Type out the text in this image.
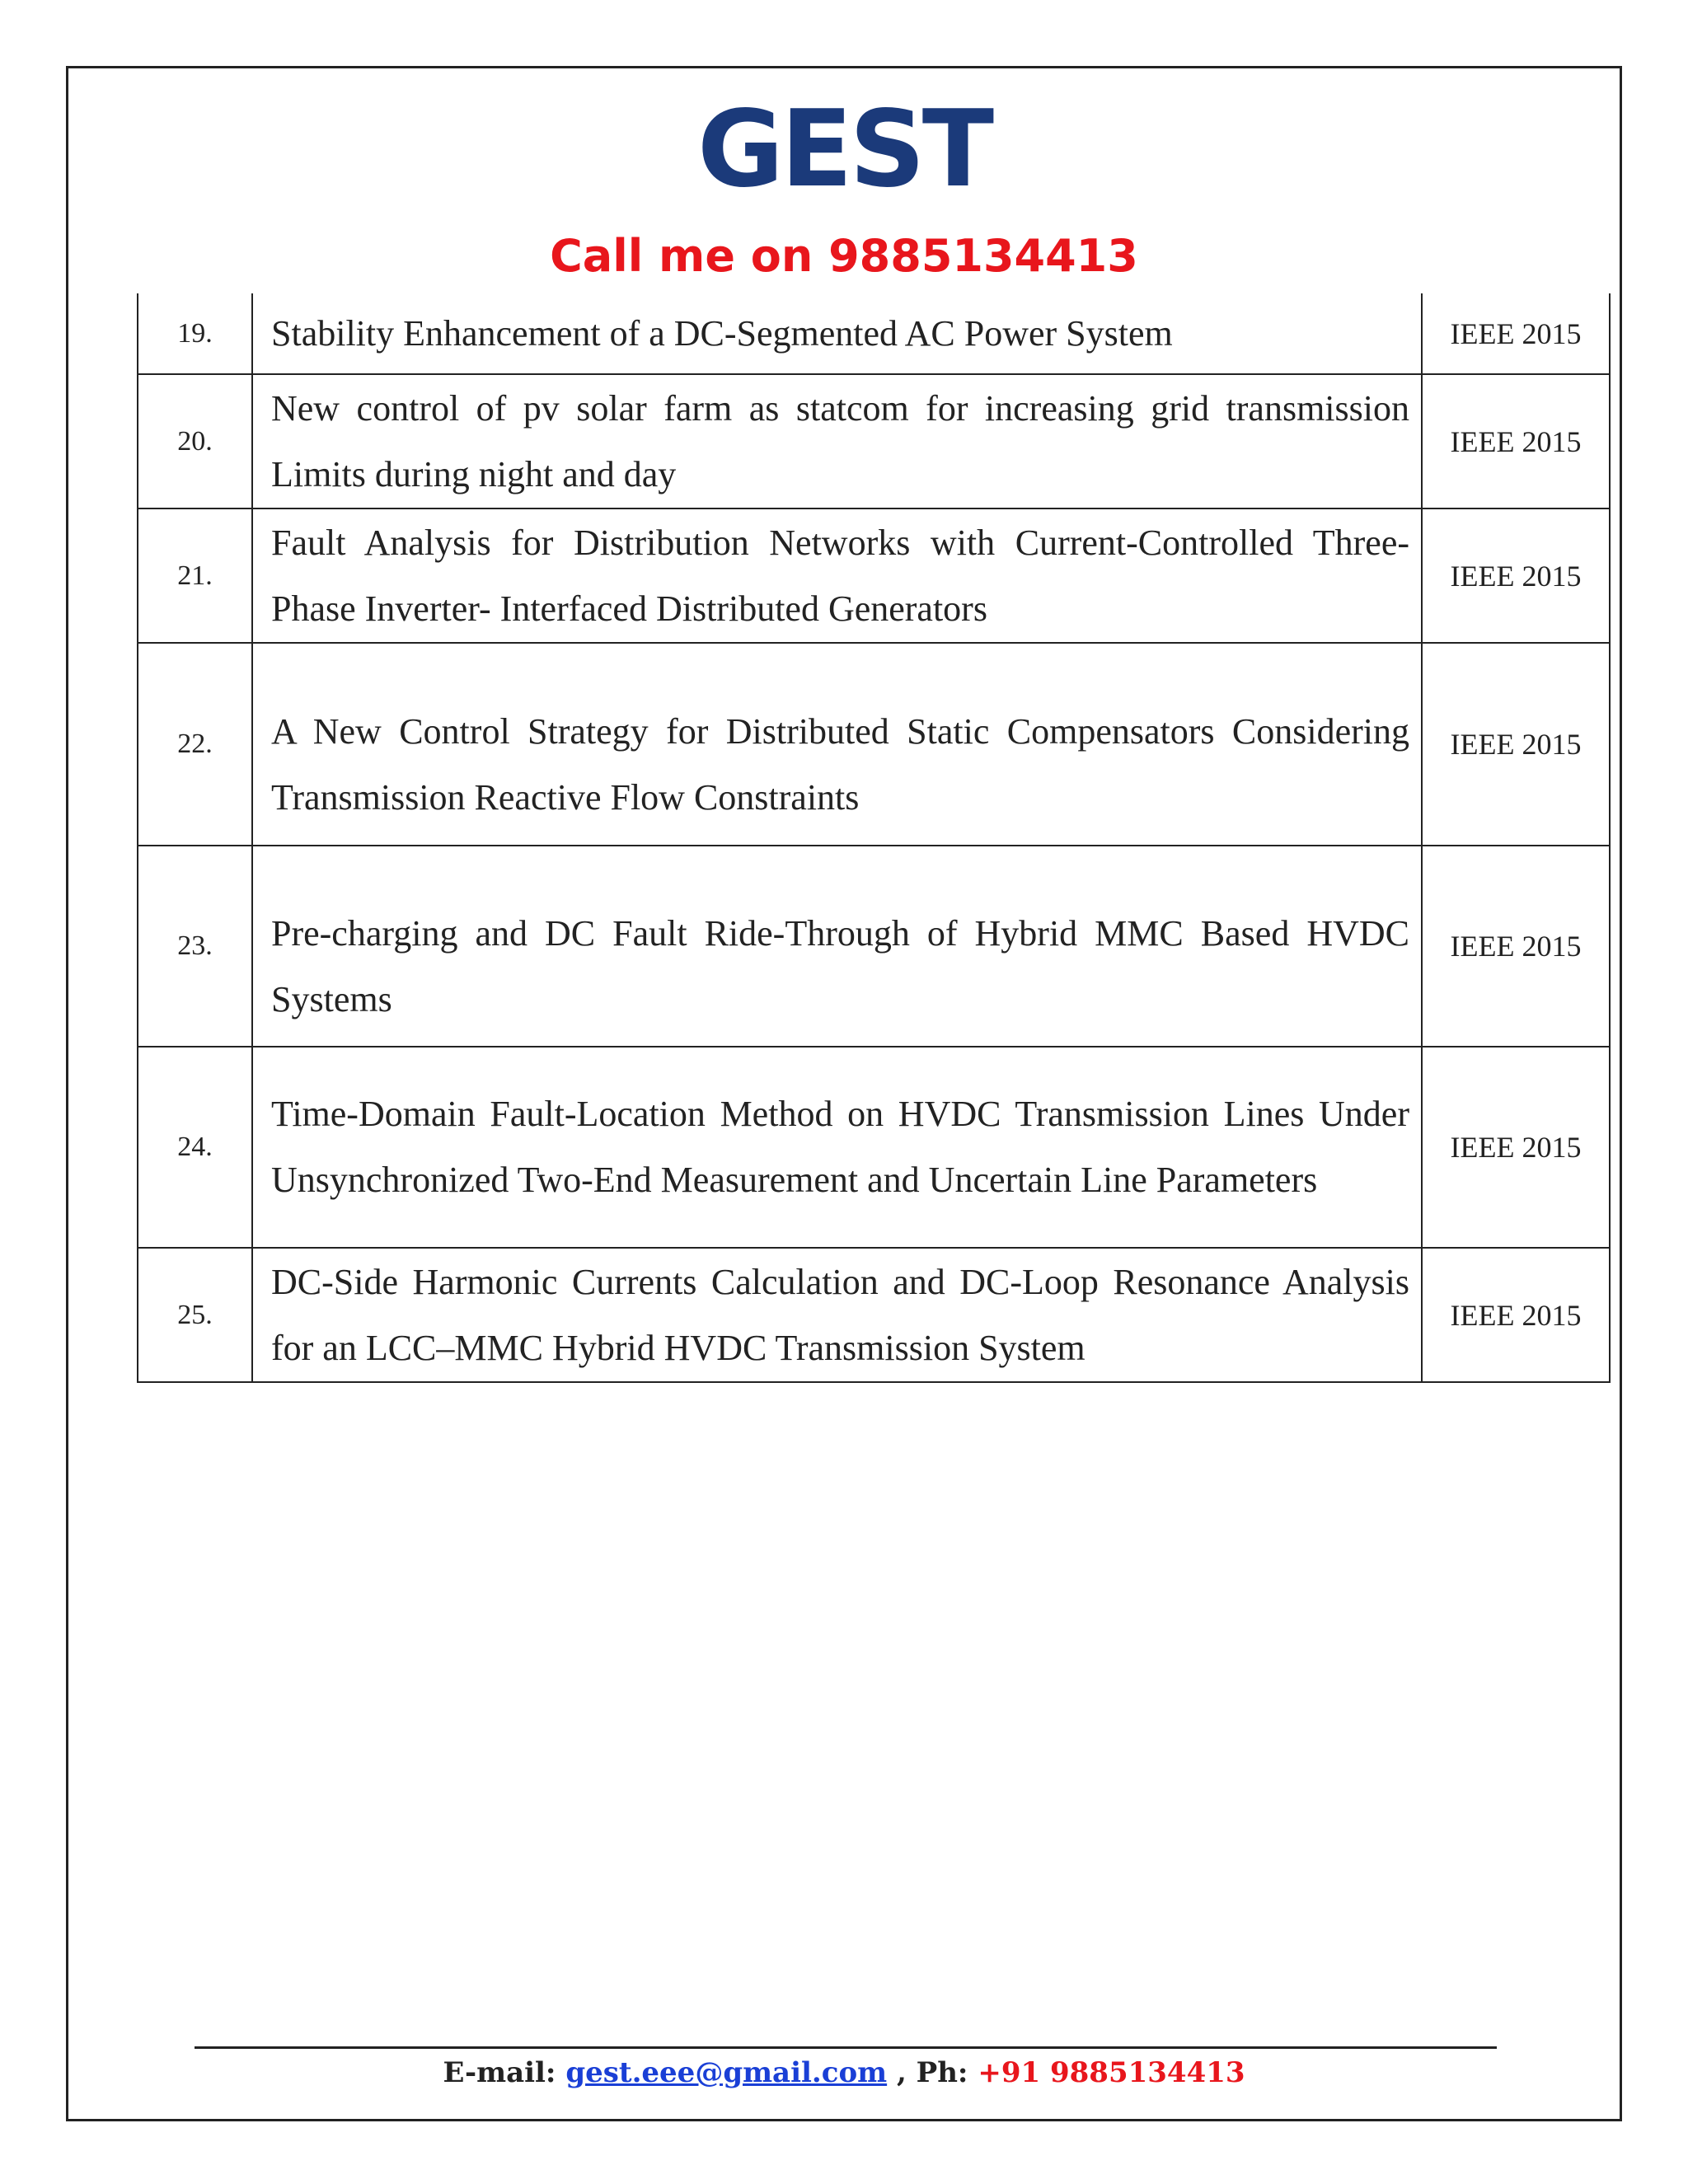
GEST
Call me on 9885134413
19.	Stability Enhancement of a DC-Segmented AC Power System	IEEE 2015
20.	New control of pv solar farm as statcom for increasing grid transmission Limits during night and day	IEEE 2015
21.	Fault Analysis for Distribution Networks with Current-Controlled Three-Phase Inverter- Interfaced Distributed Generators	IEEE 2015
22.	A New Control Strategy for Distributed Static Compensators Considering Transmission Reactive Flow Constraints	IEEE 2015
23.	Pre-charging and DC Fault Ride-Through of Hybrid MMC Based HVDC Systems	IEEE 2015
24.	Time-Domain Fault-Location Method on HVDC Transmission Lines Under Unsynchronized Two-End Measurement and Uncertain Line Parameters	IEEE 2015
25.	DC-Side Harmonic Currents Calculation and DC-Loop Resonance Analysis for an LCC–MMC Hybrid HVDC Transmission System	IEEE 2015
E-mail: gest.eee@gmail.com , Ph: +91 9885134413
